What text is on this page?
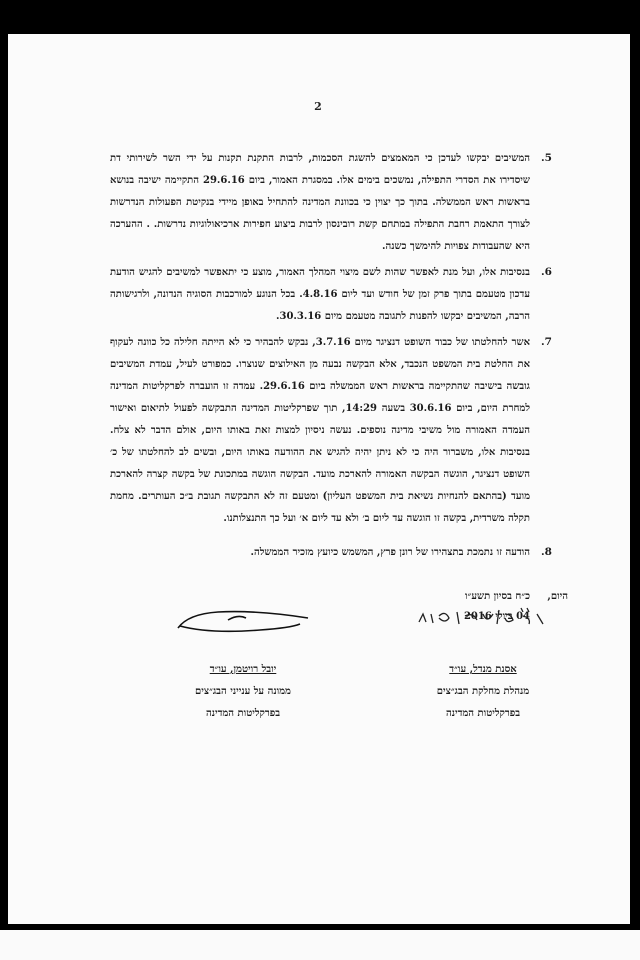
2
.5
המשיבים יבקשו לעדכן כי המאמצים להשגת הסכמות, לרבות התקנת תקנות על ידי השר לשירותי דת שיסדירו את הסדרי התפילה, נמשכים בימים אלו. במסגרת האמור, ביום 29.6.16 התקיימה ישיבה בנושא בראשות ראש הממשלה. בתוך כך יצוין כי בכוונת המדינה להתחיל באופן מיידי בנקיטת הפעולות הנדרשות לצורך התאמת רחבת התפילה במתחם קשת רובינסון לרבות ביצוע חפירות ארכיאולוגיות נדרשות. . ההערכה היא שהעבודות צפויות להימשך כשנה.
.6
בנסיבות אלו, ועל מנת לאפשר שהות לשם מיצוי המהלך האמור, מוצע כי יתאפשר למשיבים להגיש הודעת עדכון מטעמם בתוך פרק זמן של חודש ועד ליום 4.8.16. בכל הנוגע למורכבות הסוגיה הנדונה, ולרגישותה הרבה, המשיבים יבקשו להפנות לתגובה מטעמם מיום 30.3.16.
.7
אשר להחלטתו של כבוד השופט דנציגר מיום 3.7.16, נבקש להבהיר כי לא הייתה חלילה כל כוונה לעקוף את החלטת בית המשפט הנכבד, אלא הבקשה נבעה מן האילוצים שנוצרו. כמפורט לעיל, עמדת המשיבים גובשה בישיבה שהתקיימה בראשות ראש הממשלה ביום 29.6.16. עמדה זו הועברה לפרקליטות המדינה למחרת היום, ביום 30.6.16 בשעה 14:29, תוך שפרקליטות המדינה התבקשה לפעול לתיאום ואישור העמדה האמורה מול משיבי מדינה נוספים. נעשה ניסיון למצות זאת באותו היום, אולם הדבר לא צלח. בנסיבות אלו, משברור היה כי לא ניתן יהיה להגיש את ההודעה באותו היום, ובשים לב להחלטתו של כ׳ השופט דנציגר, הוגשה הבקשה האמורה להארכת מועד. הבקשה הוגשה במתכונת של בקשה קצרה להארכת מועד (בהתאם להנחיות נשיאת בית המשפט העליון) ומטעם זה לא התבקשה תגובת ב״כ העותרים. מחמת תקלה משרדית, בקשה זו הוגשה עד ליום ב׳ ולא עד ליום א׳ ועל כך התנצלותנו.
.8
הודעה זו נתמכת בתצהירו של רונן פרץ, המשמש כיועץ מזכיר הממשלה.
היום,
כ״ח בסיון תשע״ו
04 ביולי 2016
אסנת מנדל, עו״ד
מנהלת מחלקת הבג״צים
בפרקליטות המדינה
יובל רויטמן, עו״ד
ממונה על ענייני הבג״צים
בפרקליטות המדינה
